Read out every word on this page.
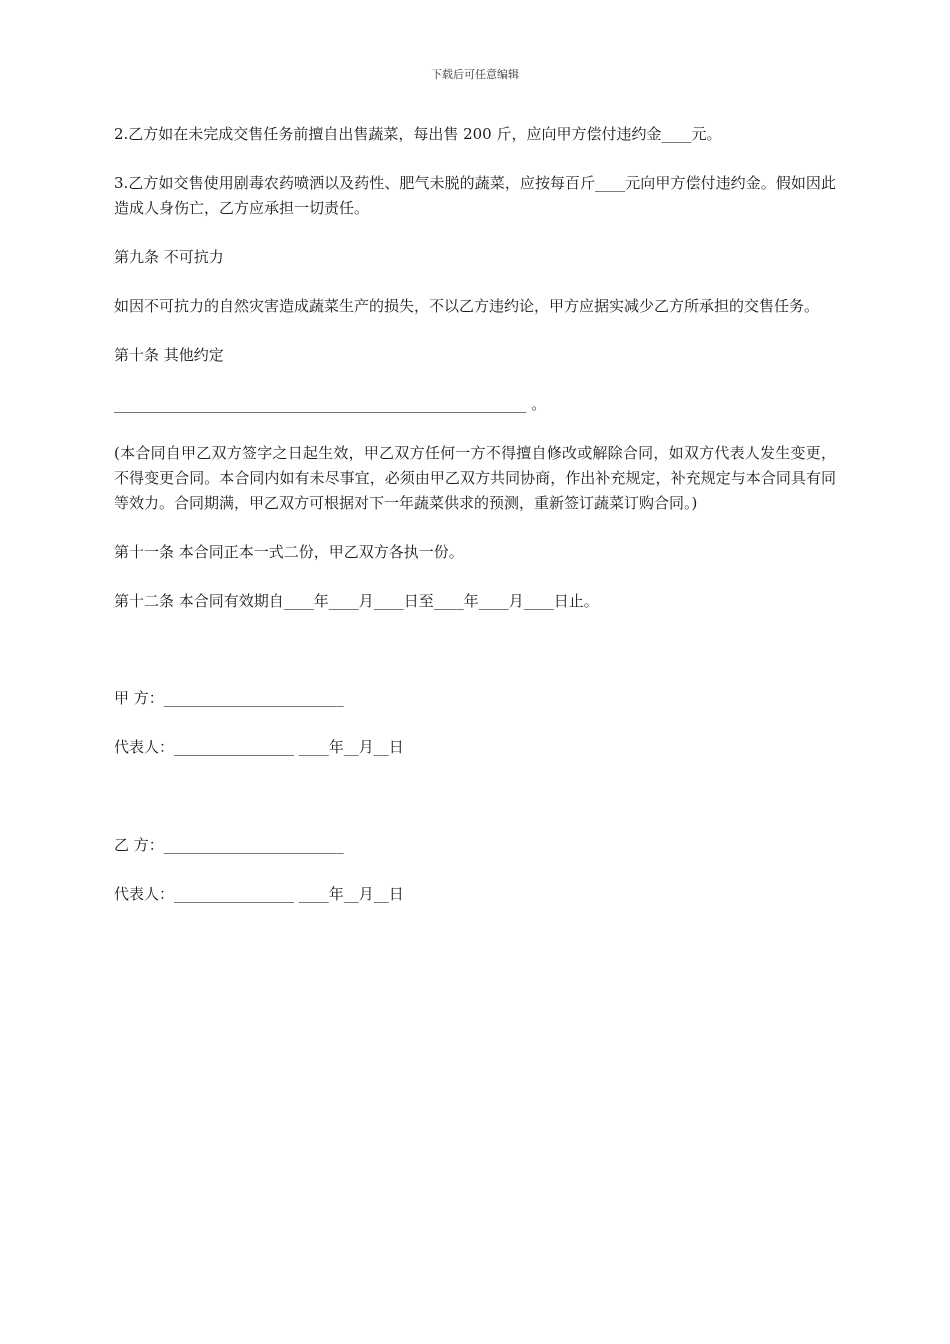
下载后可任意编辑

2.乙方如在未完成交售任务前擅自出售蔬菜，每出售 200 斤，应向甲方偿付违约金____元。

3.乙方如交售使用剧毒农药喷洒以及药性、肥气未脱的蔬菜，应按每百斤____元向甲方偿付违约金。假如因此造成人身伤亡，乙方应承担一切责任。

第九条 不可抗力

如因不可抗力的自然灾害造成蔬菜生产的损失，不以乙方违约论，甲方应据实减少乙方所承担的交售任务。

第十条 其他约定

_______________________________________________________ 。

(本合同自甲乙双方签字之日起生效，甲乙双方任何一方不得擅自修改或解除合同，如双方代表人发生变更，不得变更合同。本合同内如有未尽事宜，必须由甲乙双方共同协商，作出补充规定，补充规定与本合同具有同等效力。合同期满，甲乙双方可根据对下一年蔬菜供求的预测，重新签订蔬菜订购合同。)

第十一条 本合同正本一式二份，甲乙双方各执一份。

第十二条 本合同有效期自____年____月____日至____年____月____日止。

甲 方：________________________

代表人：________________ ____年__月__日

乙 方：________________________

代表人：________________ ____年__月__日
